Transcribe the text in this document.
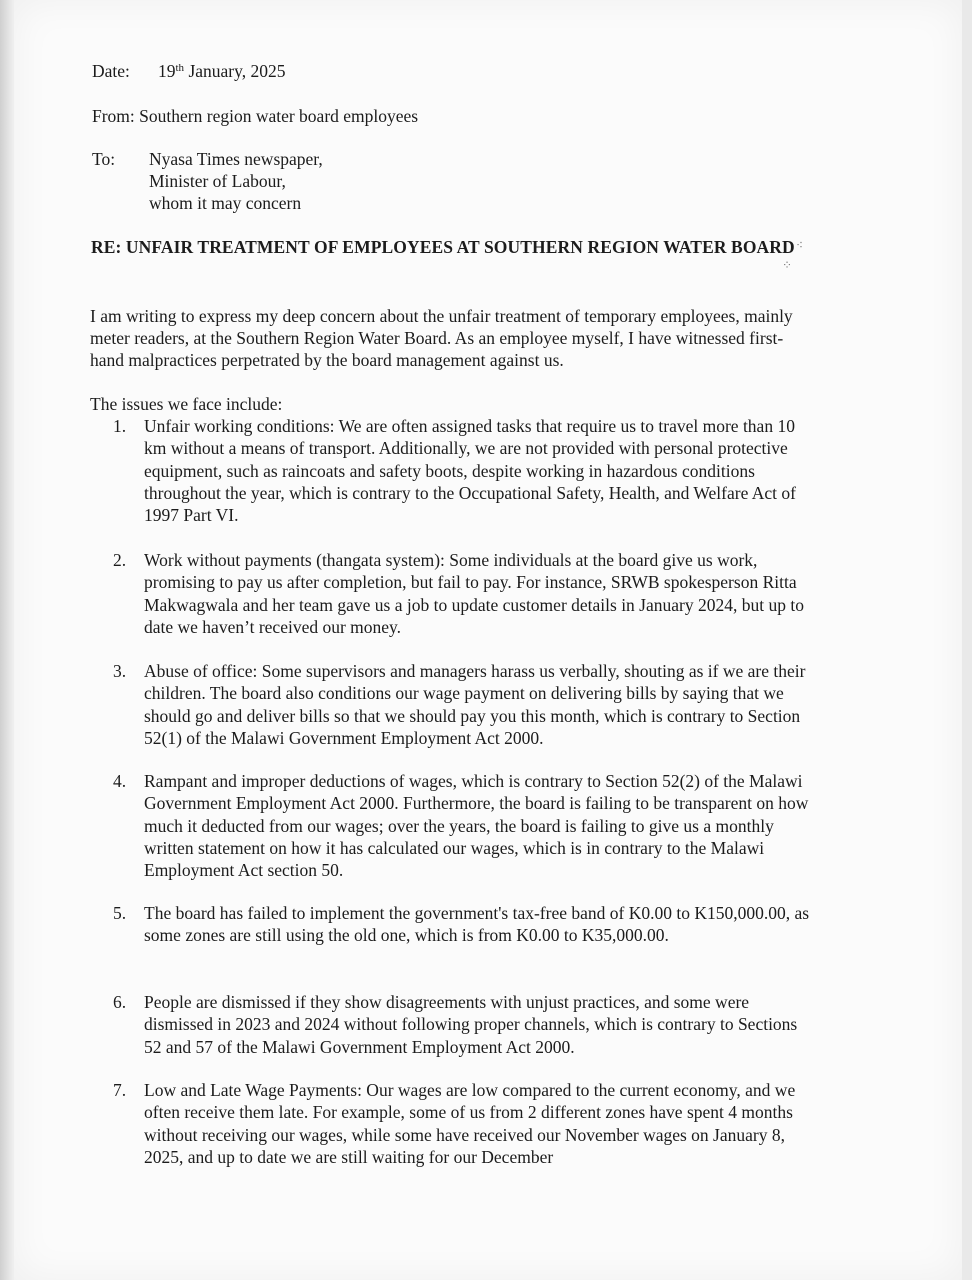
Date: 19th January, 2025
From: Southern region water board employees
To: Nyasa Times newspaper,
Minister of Labour,
whom it may concern
RE: UNFAIR TREATMENT OF EMPLOYEES AT SOUTHERN REGION WATER BOARD
I am writing to express my deep concern about the unfair treatment of temporary employees, mainly meter readers, at the Southern Region Water Board. As an employee myself, I have witnessed first-hand malpractices perpetrated by the board management against us.
The issues we face include:
1. Unfair working conditions: We are often assigned tasks that require us to travel more than 10 km without a means of transport. Additionally, we are not provided with personal protective equipment, such as raincoats and safety boots, despite working in hazardous conditions throughout the year, which is contrary to the Occupational Safety, Health, and Welfare Act of 1997 Part VI.
2. Work without payments (thangata system): Some individuals at the board give us work, promising to pay us after completion, but fail to pay. For instance, SRWB spokesperson Ritta Makwagwala and her team gave us a job to update customer details in January 2024, but up to date we haven’t received our money.
3. Abuse of office: Some supervisors and managers harass us verbally, shouting as if we are their children. The board also conditions our wage payment on delivering bills by saying that we should go and deliver bills so that we should pay you this month, which is contrary to Section 52(1) of the Malawi Government Employment Act 2000.
4. Rampant and improper deductions of wages, which is contrary to Section 52(2) of the Malawi Government Employment Act 2000. Furthermore, the board is failing to be transparent on how much it deducted from our wages; over the years, the board is failing to give us a monthly written statement on how it has calculated our wages, which is in contrary to the Malawi Employment Act section 50.
5. The board has failed to implement the government's tax-free band of K0.00 to K150,000.00, as some zones are still using the old one, which is from K0.00 to K35,000.00.
6. People are dismissed if they show disagreements with unjust practices, and some were dismissed in 2023 and 2024 without following proper channels, which is contrary to Sections 52 and 57 of the Malawi Government Employment Act 2000.
7. Low and Late Wage Payments: Our wages are low compared to the current economy, and we often receive them late. For example, some of us from 2 different zones have spent 4 months without receiving our wages, while some have received our November wages on January 8, 2025, and up to date we are still waiting for our December
⁖
⁘
